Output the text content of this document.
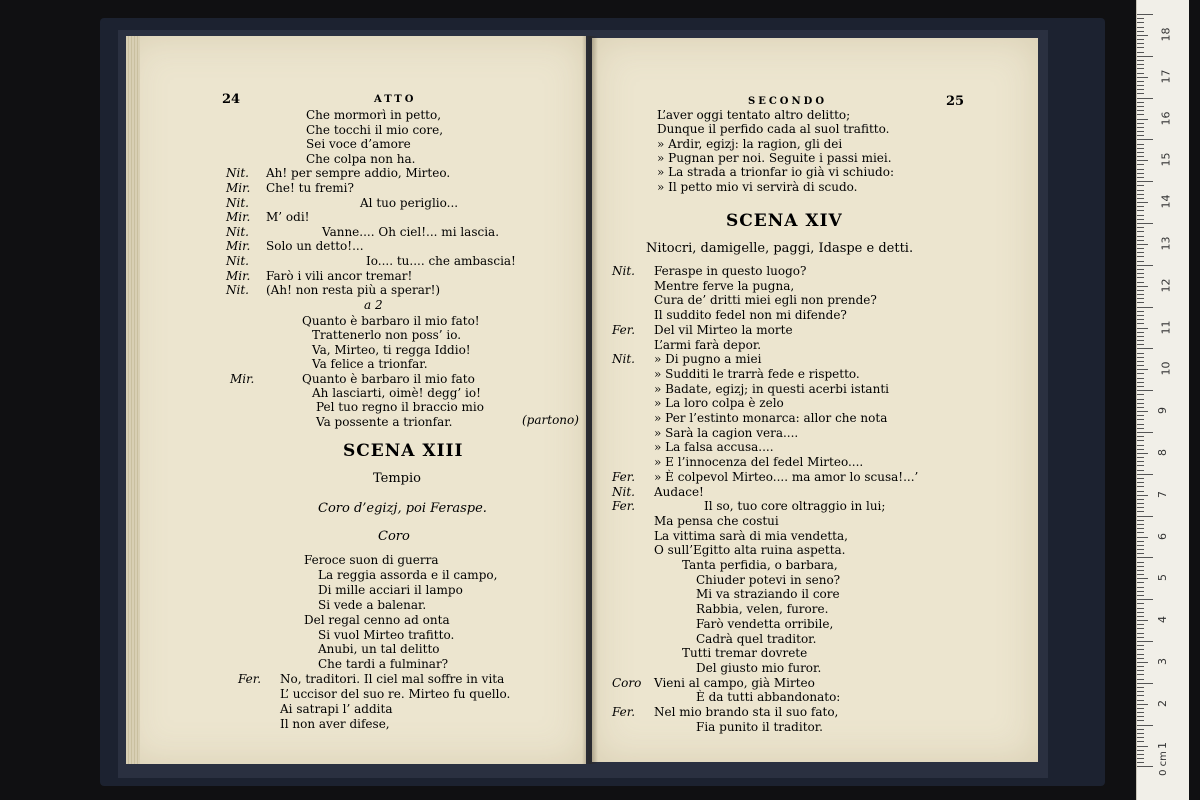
24	ATTO
Che mormorì in petto,
Che tocchi il mio core,
Sei voce d’amore
Che colpa non ha.
Nit. Ah! per sempre addio, Mirteo.
Mir. Che! tu fremi?
Nit.	Al tuo periglio...
Mir. M’ odi!
Nit.	Vanne.... Oh ciel!... mi lascia.
Mir. Solo un detto!...
Nit.	Io.... tu.... che ambascia!
Mir. Farò i vili ancor tremar!
Nit. (Ah! non resta più a sperar!)
a 2
Quanto è barbaro il mio fato!
Trattenerlo non poss’ io.
Va, Mirteo, ti regga Iddio!
Va felice a trionfar.
Mir.	Quanto è barbaro il mio fato
Ah lasciarti, oimè! degg’ io!
Pel tuo regno il braccio mio
Va possente a trionfar.	(partono)
SCENA XIII
Tempio
Coro d’egizj, poi Feraspe.
Coro
Feroce suon di guerra
La reggia assorda e il campo,
Di mille acciari il lampo
Si vede a balenar.
Del regal cenno ad onta
Si vuol Mirteo trafitto.
Anubi, un tal delitto
Che tardi a fulminar?
Fer. No, traditori. Il ciel mal soffre in vita
L’ uccisor del suo re. Mirteo fu quello.
Ai satrapi l’ addita
Il non aver difese,
SECONDO	25
L’aver oggi tentato altro delitto;
Dunque il perfido cada al suol trafitto.
» Ardir, egizj: la ragion, gli dei
» Pugnan per noi. Seguite i passi miei.
» La strada a trionfar io già vi schiudo:
» Il petto mio vi servirà di scudo.
SCENA XIV
Nitocri, damigelle, paggi, Idaspe e detti.
Nit. Feraspe in questo luogo?
Mentre ferve la pugna,
Cura de’ dritti miei egli non prende?
Il suddito fedel non mi difende?
Fer. Del vil Mirteo la morte
L’armi farà depor.
Nit. » Di pugno a miei
» Sudditi le trarrà fede e rispetto.
» Badate, egizj; in questi acerbi istanti
» La loro colpa è zelo
» Per l’estinto monarca: allor che nota
» Sarà la cagion vera....
» La falsa accusa....
» E l’innocenza del fedel Mirteo....
Fer. » È colpevol Mirteo.... ma amor lo scusa!...’
Nit. Audace!
Fer.	Il so, tuo core oltraggio in lui;
Ma pensa che costui
La vittima sarà di mia vendetta,
O sull’Egitto alta ruina aspetta.
Tanta perfidia, o barbara,
Chiuder potevi in seno?
Mi va straziando il core
Rabbia, velen, furore.
Farò vendetta orribile,
Cadrà quel traditor.
Tutti tremar dovrete
Del giusto mio furor.
Coro Vieni al campo, già Mirteo
È da tutti abbandonato:
Fer. Nel mio brando sta il suo fato,
Fia punito il traditor.
18
17
16
15
14
13
12
11
10
9
8
7
6
5
4
3
2
1
0 cm
